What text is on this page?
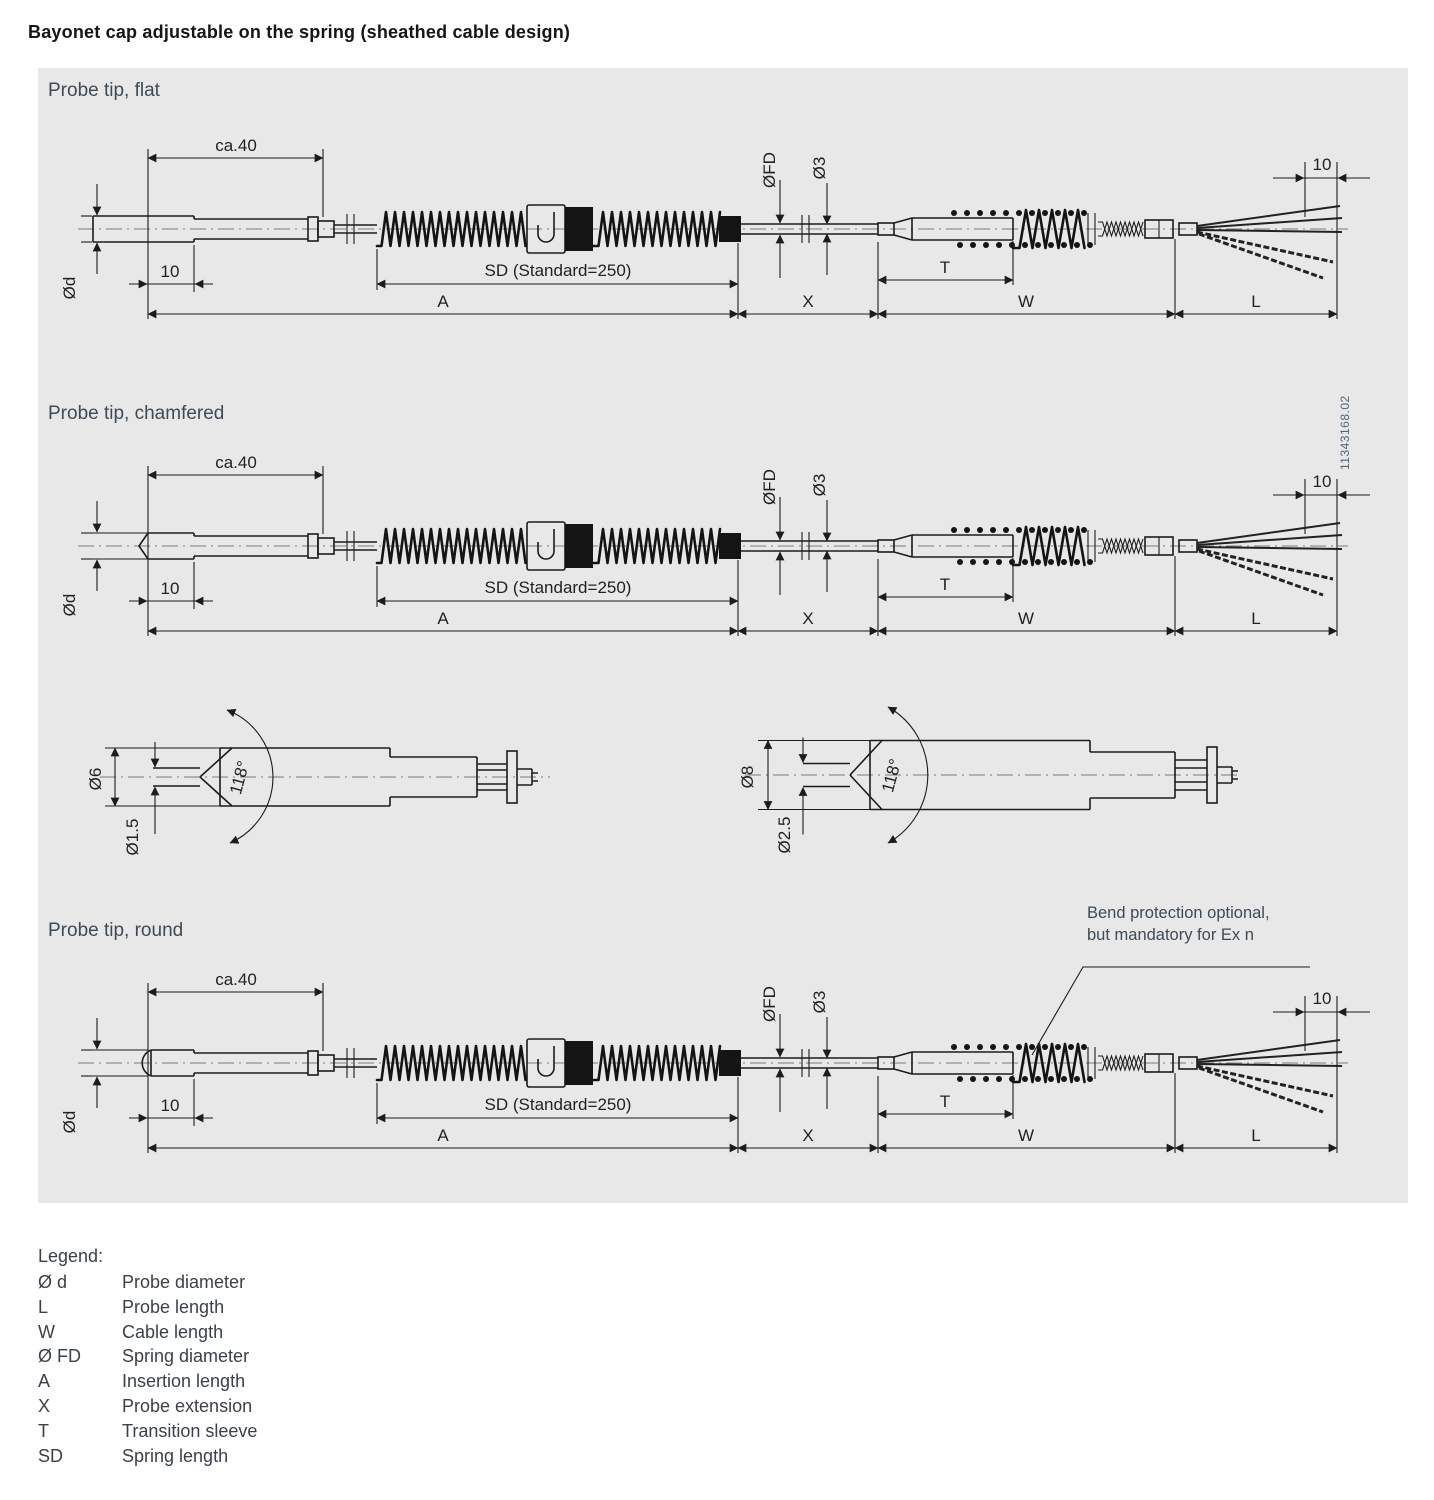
Bayonet cap adjustable on the spring (sheathed cable design)
Probe tip, flat
Probe tip, chamfered
Probe tip, round
Bend protection optional,
but mandatory for Ex n
ca.40
10
Ød
SD (Standard=250)
A	X	W	L
T
ØFD Ø3	10
ca.40
10
Ød
SD (Standard=250)
A	X	W	L
T
ØFD Ø3	10
ca.40
10
Ød
SD (Standard=250)
A	X	W	L
T
ØFD Ø3	10
Ø6
Ø1.5
118°	Ø8
Ø2.5
118°
Legend:
Ø d	Probe diameter
L	Probe length
W	Cable length
Ø FD Spring diameter
A	Insertion length
X	Probe extension
T	Transition sleeve
SD	Spring length
